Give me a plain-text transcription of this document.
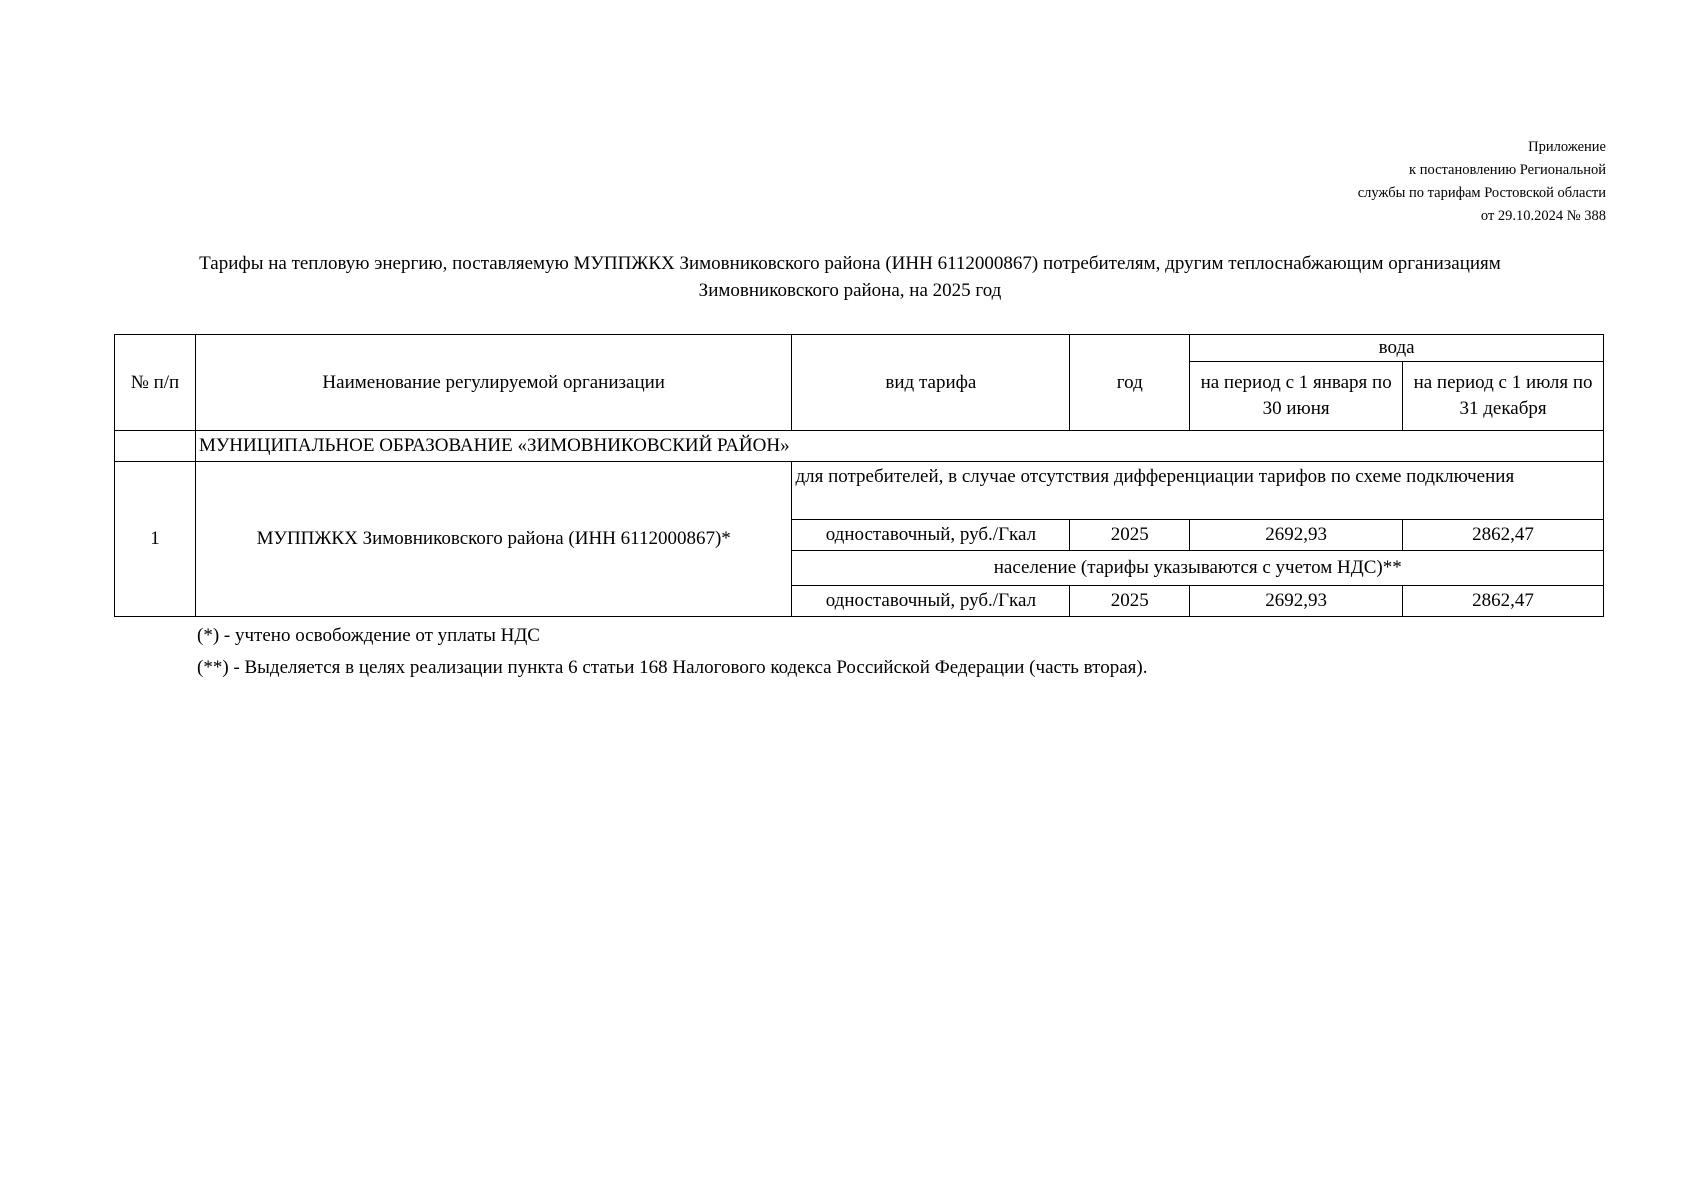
Приложение
к постановлению Региональной
службы по тарифам Ростовской области
от 29.10.2024 № 388
Тарифы на тепловую энергию, поставляемую МУППЖКХ Зимовниковского района (ИНН 6112000867) потребителям, другим теплоснабжающим организациям
Зимовниковского района, на 2025 год
№ п/п	Наименование регулируемой организации	вид тарифа	год	вода	
				на период с 1 января по 30 июня	на период с 1 июля по 31 декабря
	МУНИЦИПАЛЬНОЕ ОБРАЗОВАНИЕ «ЗИМОВНИКОВСКИЙ РАЙОН»				
1	МУППЖКХ Зимовниковского района (ИНН 6112000867)*	для потребителей, в случае отсутствия дифференциации тарифов по схеме подключения			
		одноставочный, руб./Гкал	2025	2692,93	2862,47
		население (тарифы указываются с учетом НДС)**			
		одноставочный, руб./Гкал	2025	2692,93	2862,47
(*) - учтено освобождение от уплаты НДС
(**) - Выделяется в целях реализации пункта 6 статьи 168 Налогового кодекса Российской Федерации (часть вторая).
